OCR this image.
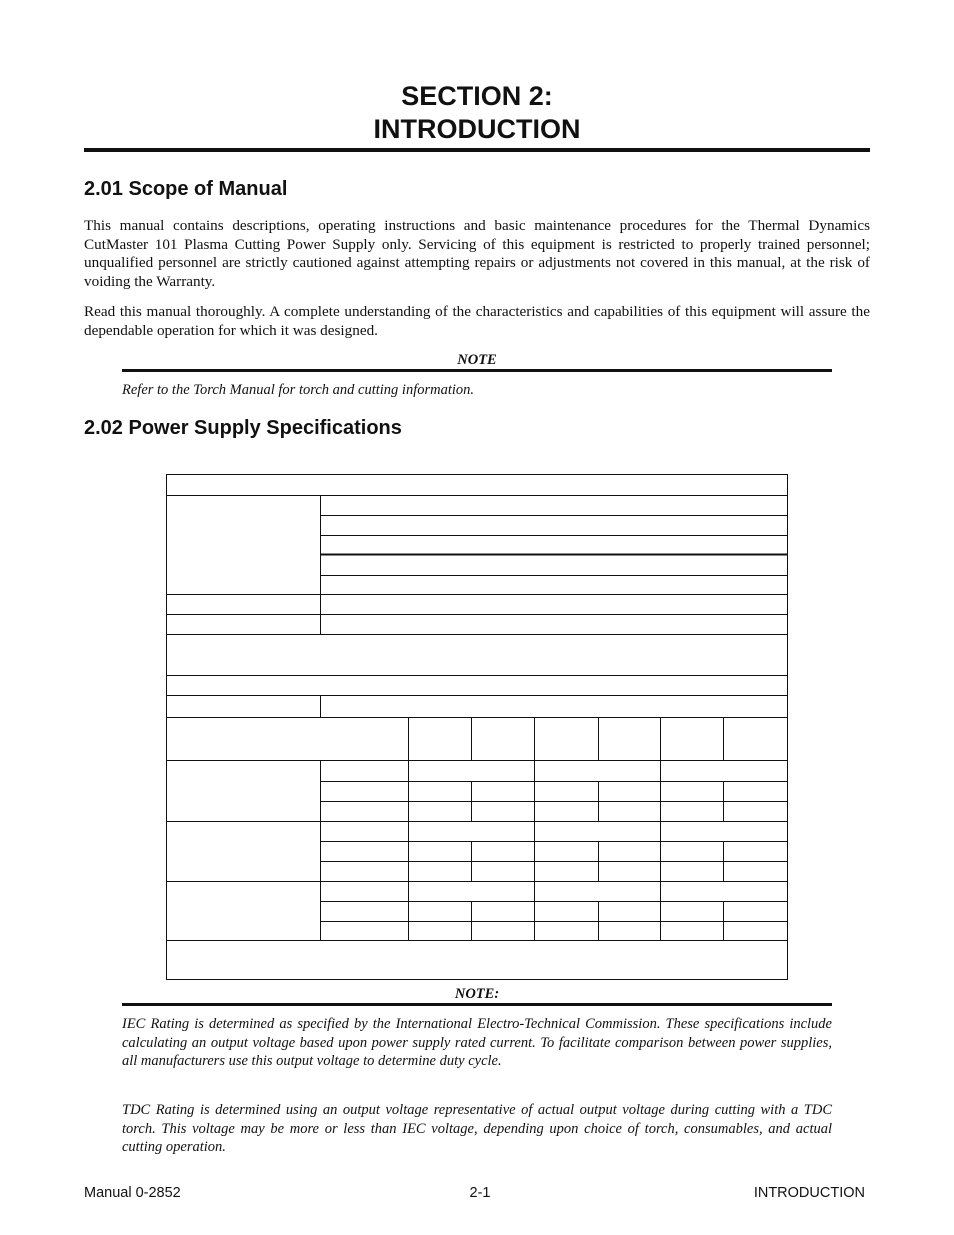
SECTION 2:
INTRODUCTION
2.01 Scope of Manual

This manual contains descriptions, operating instructions and basic maintenance procedures for the Thermal Dynamics CutMaster 101 Plasma Cutting Power Supply only. Servicing of this equipment is restricted to properly trained personnel; unqualified personnel are strictly cautioned against attempting repairs or adjustments not covered in this manual, at the risk of voiding the Warranty.

Read this manual thoroughly. A complete understanding of the characteristics and capabilities of this equipment will assure the dependable operation for which it was designed.

NOTE

Refer to the Torch Manual for torch and cutting information.

2.02 Power Supply Specifications
NOTE:

IEC Rating is determined as specified by the International Electro-Technical Commission. These specifications include calculating an output voltage based upon power supply rated current. To facilitate comparison between power supplies, all manufacturers use this output voltage to determine duty cycle.

TDC Rating is determined using an output voltage representative of actual output voltage during cutting with a TDC torch. This voltage may be more or less than IEC voltage, depending upon choice of torch, consumables, and actual cutting operation.

Manual 0-2852	2-1	INTRODUCTION
